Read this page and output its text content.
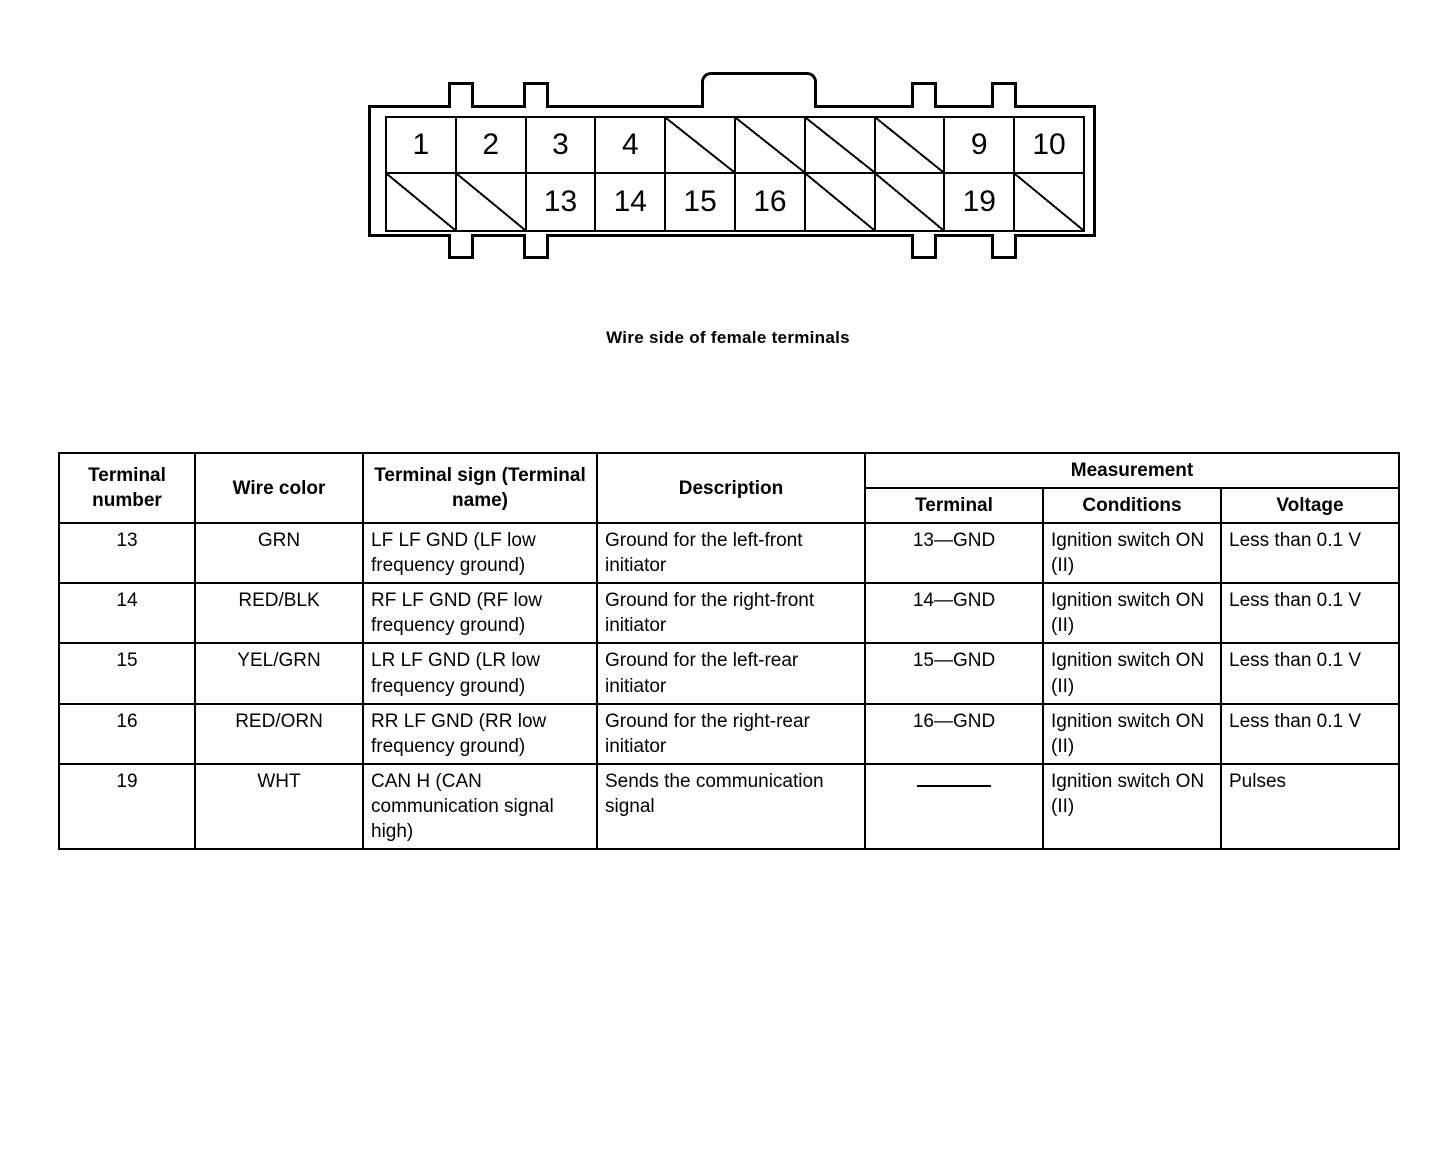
1	2	3	4	9	10
13	14	15	16	19
Wire side of female terminals
Terminal number	Wire color	Terminal sign (Terminal name)	Description	Measurement		
				Terminal	Conditions	Voltage
13	GRN	LF LF GND (LF low frequency ground)	Ground for the left-front initiator	13—GND	Ignition switch ON (II)	Less than 0.1 V
14	RED/BLK	RF LF GND (RF low frequency ground)	Ground for the right-front initiator	14—GND	Ignition switch ON (II)	Less than 0.1 V
15	YEL/GRN	LR LF GND (LR low frequency ground)	Ground for the left-rear initiator	15—GND	Ignition switch ON (II)	Less than 0.1 V
16	RED/ORN	RR LF GND (RR low frequency ground)	Ground for the right-rear initiator	16—GND	Ignition switch ON (II)	Less than 0.1 V
19	WHT	CAN H (CAN communication signal high)	Sends the communication signal		Ignition switch ON (II)	Pulses
